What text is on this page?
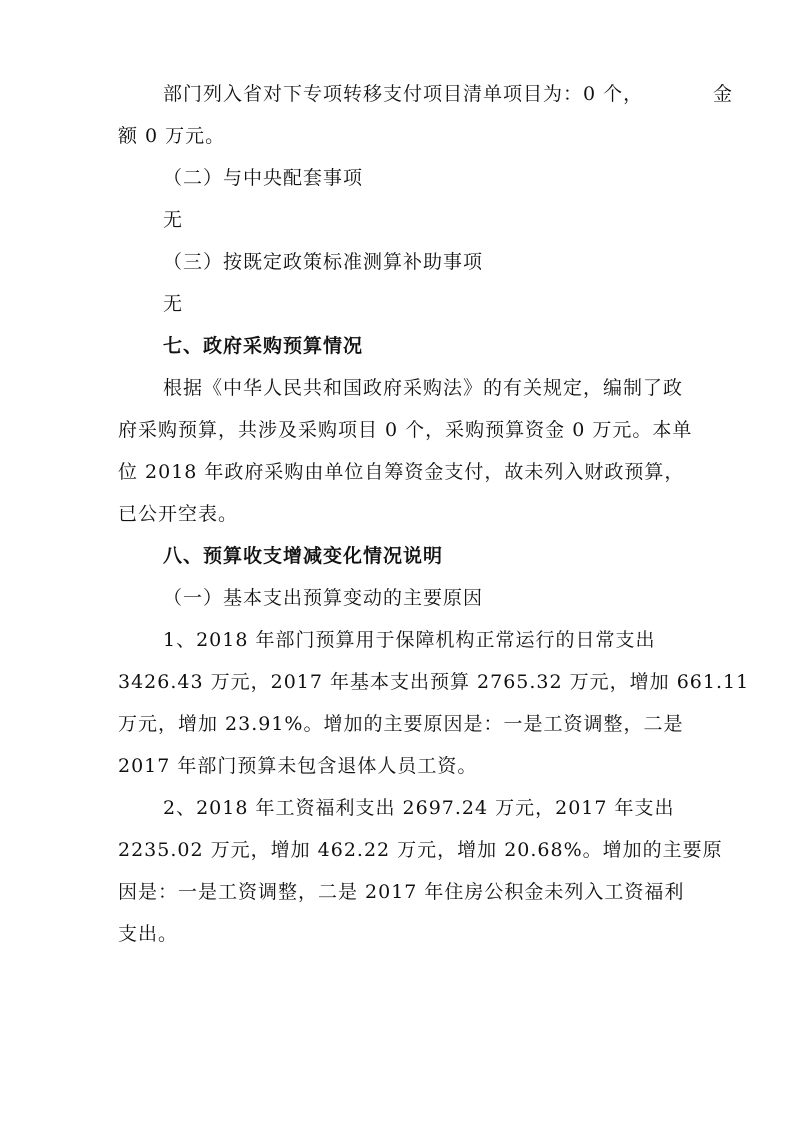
部门列入省对下专项转移支付项目清单项目为：0 个，	金
额 0 万元。
（二）与中央配套事项
无
（三）按既定政策标准测算补助事项
无
七、政府采购预算情况
根据《中华人民共和国政府采购法》的有关规定，编制了政
府采购预算，共涉及采购项目 0 个，采购预算资金 0 万元。本单
位 2018 年政府采购由单位自筹资金支付，故未列入财政预算，
已公开空表。
八、预算收支增减变化情况说明
（一）基本支出预算变动的主要原因
1、2018 年部门预算用于保障机构正常运行的日常支出
3426.43 万元，2017 年基本支出预算 2765.32 万元，增加 661.11
万元，增加 23.91%。增加的主要原因是：一是工资调整，二是
2017 年部门预算未包含退体人员工资。
2、2018 年工资福利支出 2697.24 万元，2017 年支出
2235.02 万元，增加 462.22 万元，增加 20.68%。增加的主要原
因是：一是工资调整，二是 2017 年住房公积金未列入工资福利
支出。
